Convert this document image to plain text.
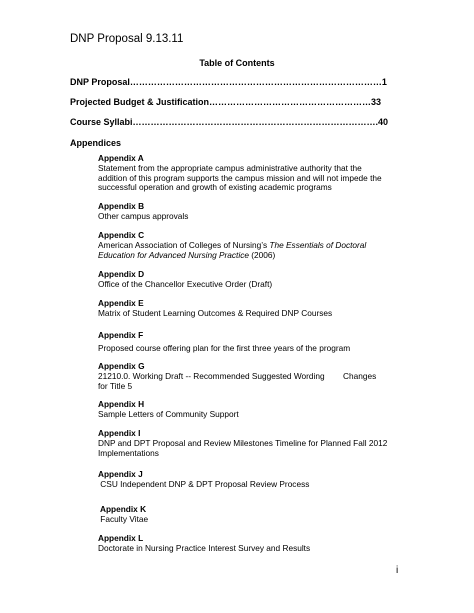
DNP Proposal 9.13.11
Table of Contents
DNP Proposal…………………………………………………………………………1
Projected Budget & Justification………………………………………………33
Course Syllabi……………………………………………………………………….40
Appendices
Appendix A
Statement from the appropriate campus administrative authority that the addition of this program supports the campus mission and will not impede the successful operation and growth of existing academic programs
Appendix B
Other campus approvals
Appendix C
American Association of Colleges of Nursing’s The Essentials of Doctoral Education for Advanced Nursing Practice (2006)
Appendix D
Office of the Chancellor Executive Order (Draft)
Appendix E
Matrix of Student Learning Outcomes & Required DNP Courses
Appendix F
Proposed course offering plan for the first three years of the program
Appendix G
21210.0. Working Draft -- Recommended Suggested Wording        Changes for Title 5
Appendix H
Sample Letters of Community Support
Appendix I
DNP and DPT Proposal and Review Milestones Timeline for Planned Fall 2012 Implementations
Appendix J
CSU Independent DNP & DPT Proposal Review Process
Appendix K
Faculty Vitae
Appendix L
Doctorate in Nursing Practice Interest Survey and Results
i
